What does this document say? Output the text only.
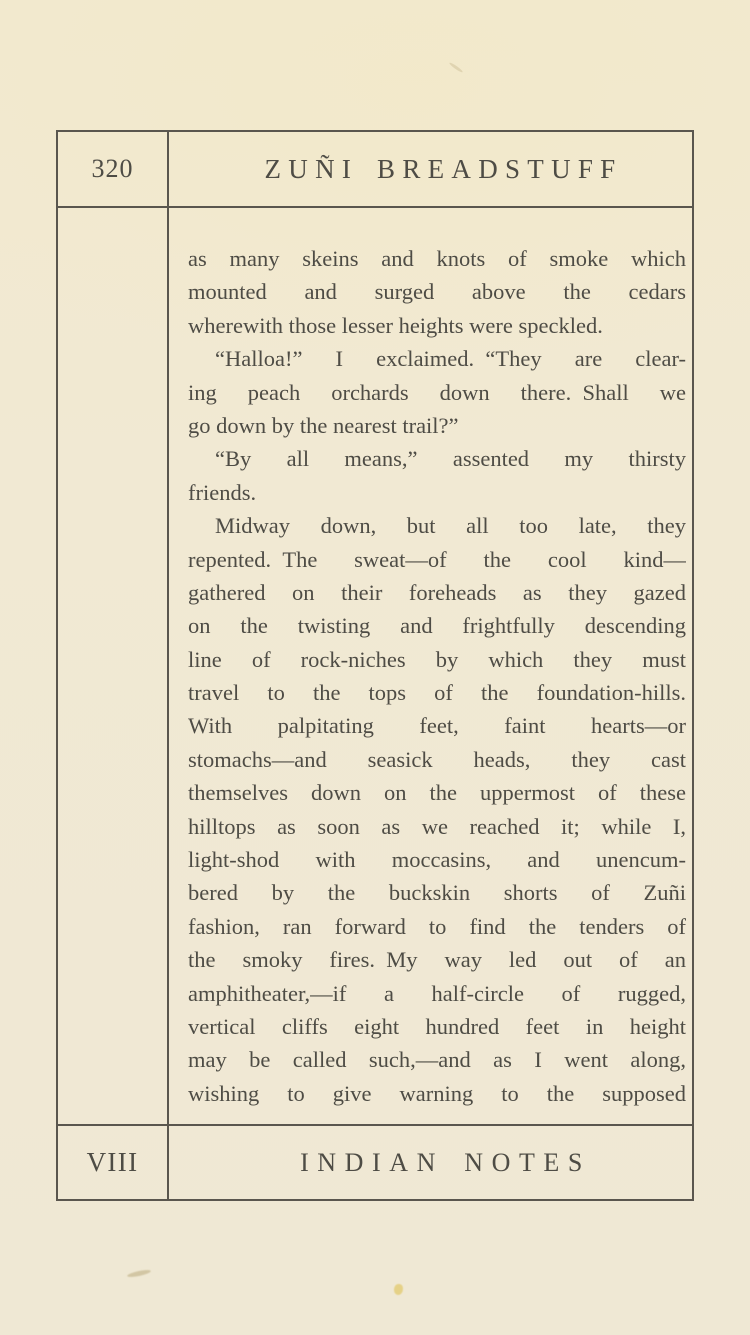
320	ZUÑI BREADSTUFF
as many skeins and knots of smoke which
mounted and surged above the cedars
wherewith those lesser heights were speckled.
“Halloa!” I exclaimed. “They are clear-
ing peach orchards down there. Shall we
go down by the nearest trail?”
“By all means,” assented my thirsty
friends.
Midway down, but all too late, they
repented. The sweat—of the cool kind—
gathered on their foreheads as they gazed
on the twisting and frightfully descending
line of rock-niches by which they must
travel to the tops of the foundation-hills.
With palpitating feet, faint hearts—or
stomachs—and seasick heads, they cast
themselves down on the uppermost of these
hilltops as soon as we reached it; while I,
light-shod with moccasins, and unencum-
bered by the buckskin shorts of Zuñi
fashion, ran forward to find the tenders of
the smoky fires. My way led out of an
amphitheater,—if a half-circle of rugged,
vertical cliffs eight hundred feet in height
may be called such,—and as I went along,
wishing to give warning to the supposed
VIII	INDIAN NOTES
